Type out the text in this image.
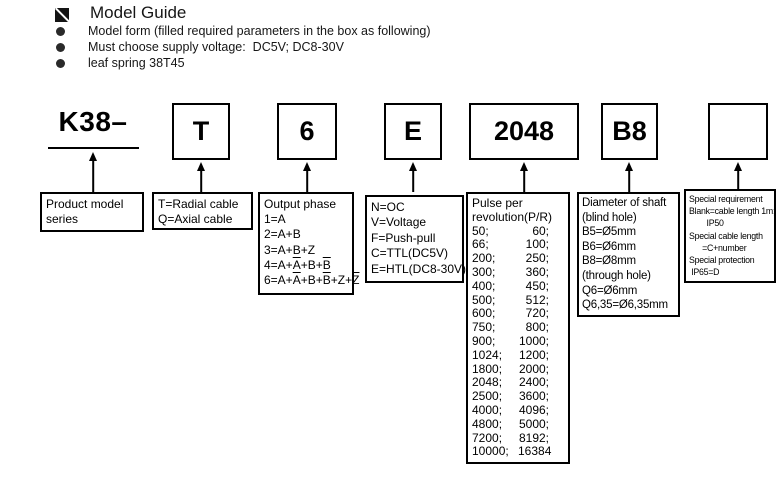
Model Guide
Model form (filled required parameters in the box as following)
Must choose supply voltage:  DC5V; DC8-30V
leaf spring 38T45
K38–	T	6	E	2048	B8
Product model
series
T=Radial cable
Q=Axial cable
Output phase
1=A
2=A+B
3=A+B+Z
$4=A+\overline{A}+B+\overline{B}$
$6=A+\overline{A}+B+\overline{B}+Z+\overline{Z}$
N=OC
V=Voltage
F=Push-pull
C=TTL(DC5V)
E=HTL(DC8-30V)
Pulse per
revolution(P/R)
50;	60;
66;	100;
200;	250;
300;	360;
400;	450;
500;	512;
600;	720;
750;	800;
900;	1000;
1024;	1200;
1800;	2000;
2048;	2400;
2500;	3600;
4000;	4096;
4800;	5000;
7200;	8192;
10000; 16384
Diameter of shaft
(blind hole)
B5=Ø5mm
B6=Ø6mm
B8=Ø8mm
(through hole)
Q6=Ø6mm
Q6,35=Ø6,35mm
Special requirement
Blank=cable length 1m;
IP50
Special cable length
=C+number
Special protection
IP65=D
